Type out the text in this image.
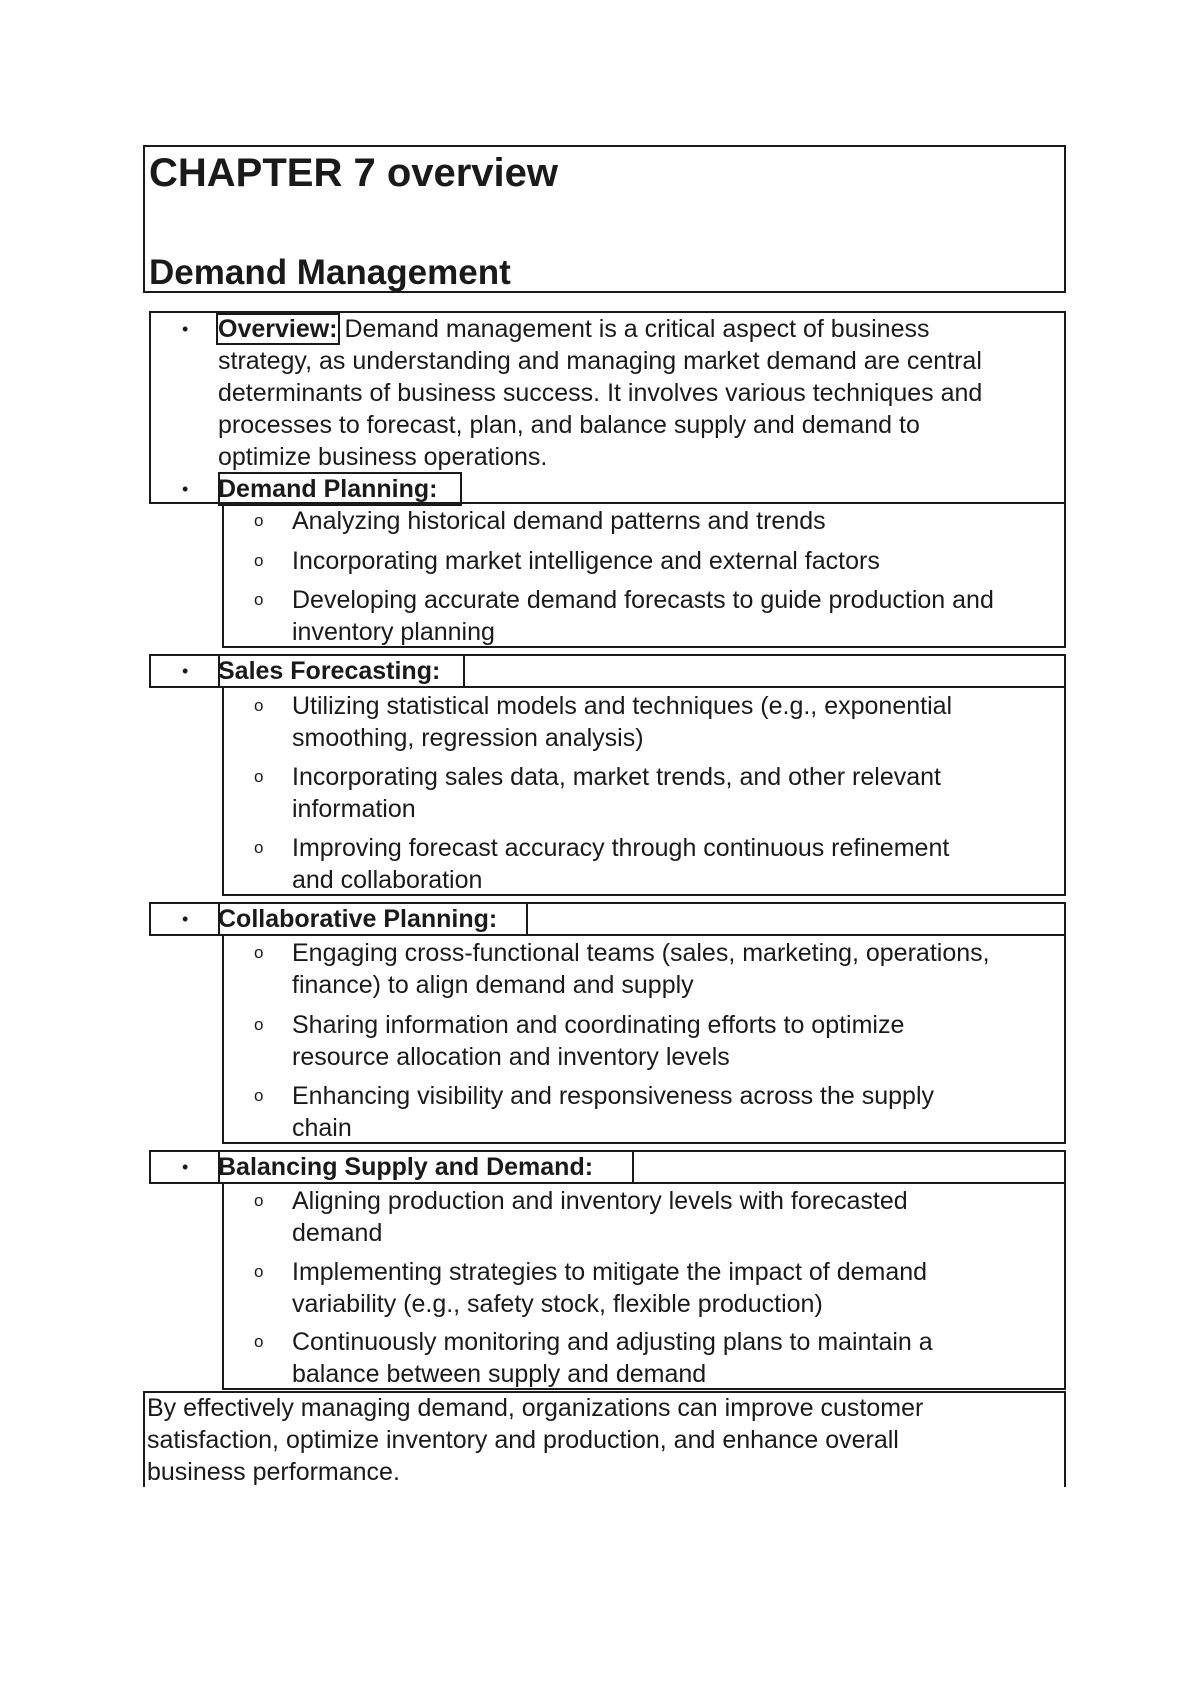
CHAPTER 7 overview
Demand Management
• Overview: Demand management is a critical aspect of business
strategy, as understanding and managing market demand are central
determinants of business success. It involves various techniques and
processes to forecast, plan, and balance supply and demand to
optimize business operations.
• Demand Planning:
o Analyzing historical demand patterns and trends
o Incorporating market intelligence and external factors
o Developing accurate demand forecasts to guide production and
inventory planning
• Sales Forecasting:
o Utilizing statistical models and techniques (e.g., exponential
smoothing, regression analysis)
o Incorporating sales data, market trends, and other relevant
information
o Improving forecast accuracy through continuous refinement
and collaboration
• Collaborative Planning:
o Engaging cross-functional teams (sales, marketing, operations,
finance) to align demand and supply
o Sharing information and coordinating efforts to optimize
resource allocation and inventory levels
o Enhancing visibility and responsiveness across the supply
chain
• Balancing Supply and Demand:
o Aligning production and inventory levels with forecasted
demand
o Implementing strategies to mitigate the impact of demand
variability (e.g., safety stock, flexible production)
o Continuously monitoring and adjusting plans to maintain a
balance between supply and demand
By effectively managing demand, organizations can improve customer
satisfaction, optimize inventory and production, and enhance overall
business performance.
